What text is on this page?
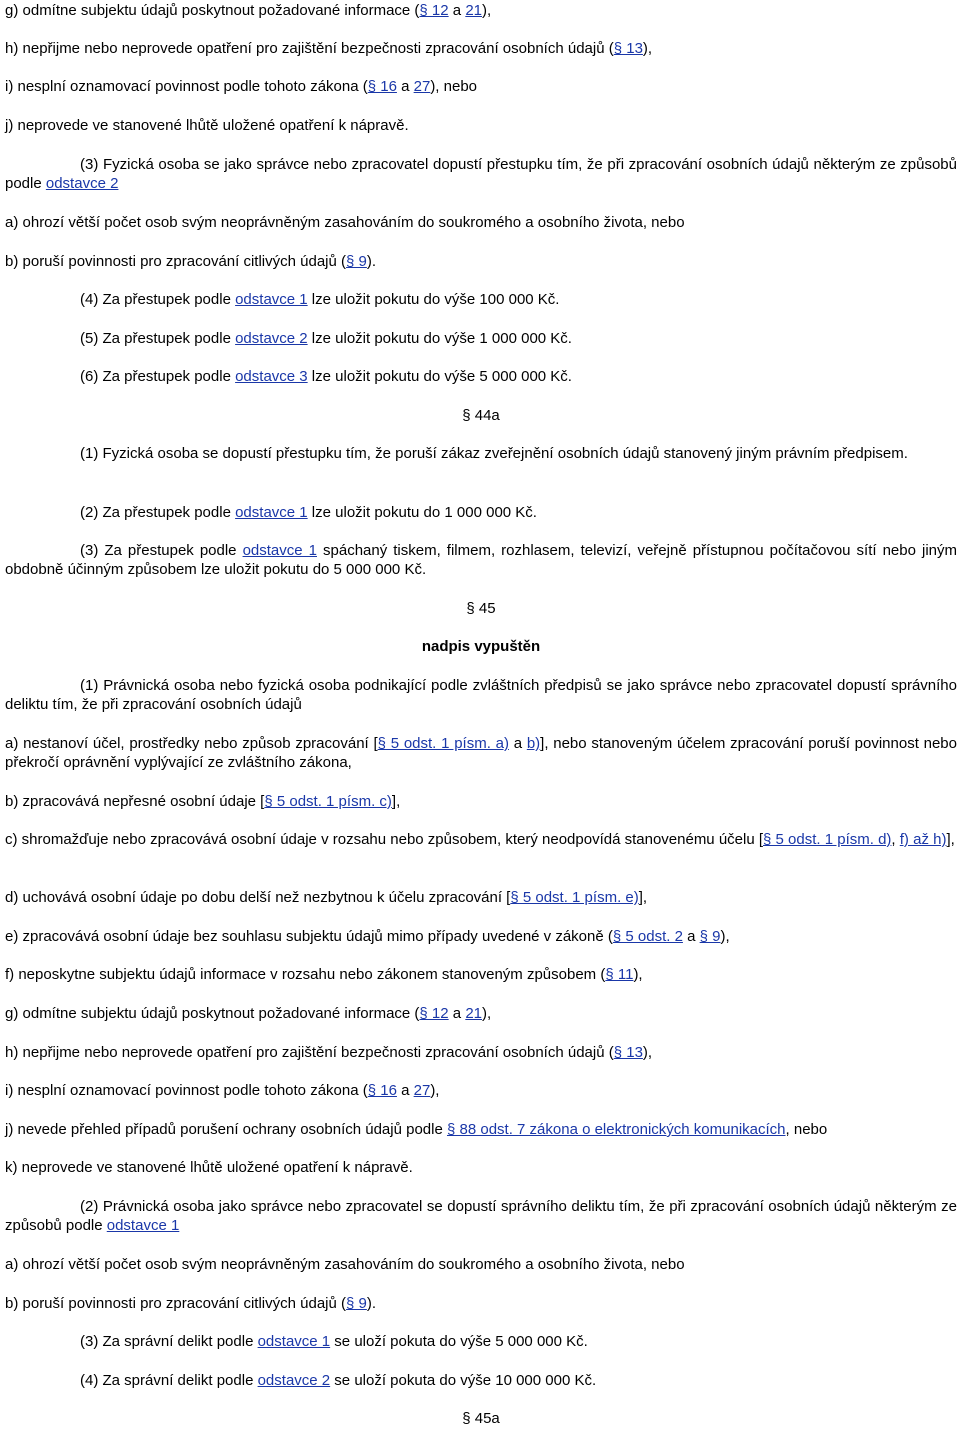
g) odmítne subjektu údajů poskytnout požadované informace (§ 12 a 21),

h) nepřijme nebo neprovede opatření pro zajištění bezpečnosti zpracování osobních údajů (§ 13),

i) nesplní oznamovací povinnost podle tohoto zákona (§ 16 a 27), nebo

j) neprovede ve stanovené lhůtě uložené opatření k nápravě.

(3) Fyzická osoba se jako správce nebo zpracovatel dopustí přestupku tím, že při zpracování osobních údajů některým ze způsobů podle odstavce 2

a) ohrozí větší počet osob svým neoprávněným zasahováním do soukromého a osobního života, nebo

b) poruší povinnosti pro zpracování citlivých údajů (§ 9).

(4) Za přestupek podle odstavce 1 lze uložit pokutu do výše 100 000 Kč.

(5) Za přestupek podle odstavce 2 lze uložit pokutu do výše 1 000 000 Kč.

(6) Za přestupek podle odstavce 3 lze uložit pokutu do výše 5 000 000 Kč.

§ 44a

(1) Fyzická osoba se dopustí přestupku tím, že poruší zákaz zveřejnění osobních údajů stanovený jiným právním předpisem.

(2) Za přestupek podle odstavce 1 lze uložit pokutu do 1 000 000 Kč.

(3) Za přestupek podle odstavce 1 spáchaný tiskem, filmem, rozhlasem, televizí, veřejně přístupnou počítačovou sítí nebo jiným obdobně účinným způsobem lze uložit pokutu do 5 000 000 Kč.

§ 45

nadpis vypuštěn

(1) Právnická osoba nebo fyzická osoba podnikající podle zvláštních předpisů se jako správce nebo zpracovatel dopustí správního deliktu tím, že při zpracování osobních údajů

a) nestanoví účel, prostředky nebo způsob zpracování [§ 5 odst. 1 písm. a) a b)], nebo stanoveným účelem zpracování poruší povinnost nebo překročí oprávnění vyplývající ze zvláštního zákona,

b) zpracovává nepřesné osobní údaje [§ 5 odst. 1 písm. c)],

c) shromažďuje nebo zpracovává osobní údaje v rozsahu nebo způsobem, který neodpovídá stanovenému účelu [§ 5 odst. 1 písm. d), f) až h)],

d) uchovává osobní údaje po dobu delší než nezbytnou k účelu zpracování [§ 5 odst. 1 písm. e)],

e) zpracovává osobní údaje bez souhlasu subjektu údajů mimo případy uvedené v zákoně (§ 5 odst. 2 a § 9),

f) neposkytne subjektu údajů informace v rozsahu nebo zákonem stanoveným způsobem (§ 11),

g) odmítne subjektu údajů poskytnout požadované informace (§ 12 a 21),

h) nepřijme nebo neprovede opatření pro zajištění bezpečnosti zpracování osobních údajů (§ 13),

i) nesplní oznamovací povinnost podle tohoto zákona (§ 16 a 27),

j) nevede přehled případů porušení ochrany osobních údajů podle § 88 odst. 7 zákona o elektronických komunikacích, nebo

k) neprovede ve stanovené lhůtě uložené opatření k nápravě.

(2) Právnická osoba jako správce nebo zpracovatel se dopustí správního deliktu tím, že při zpracování osobních údajů některým ze způsobů podle odstavce 1

a) ohrozí větší počet osob svým neoprávněným zasahováním do soukromého a osobního života, nebo

b) poruší povinnosti pro zpracování citlivých údajů (§ 9).

(3) Za správní delikt podle odstavce 1 se uloží pokuta do výše 5 000 000 Kč.

(4) Za správní delikt podle odstavce 2 se uloží pokuta do výše 10 000 000 Kč.

§ 45a
